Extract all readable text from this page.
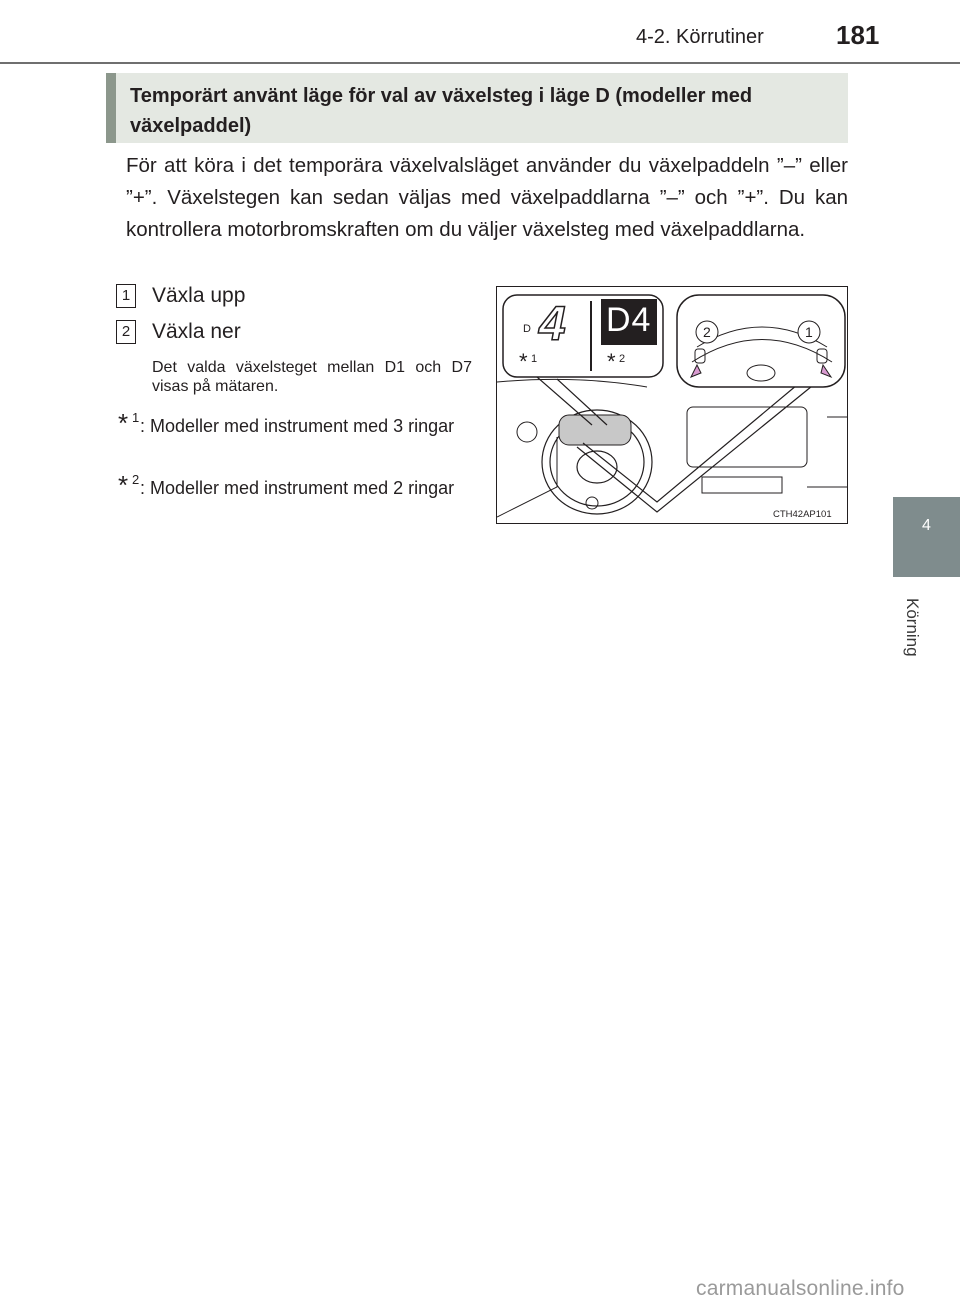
4-2. Körrutiner	181
4
Körning
Temporärt använt läge för val av växelsteg i läge D (modeller med växelpaddel)
För att köra i det temporära växelvalsläget använder du växelpaddeln ”–” eller ”+”. Växelstegen kan sedan väljas med växelpaddlarna ”–” och ”+”. Du kan kontrollera motorbromskraften om du väljer växelsteg med växelpaddlarna.
1 Växla upp
2 Växla ner
Det valda växelsteget mellan D1 och D7 visas på mätaren.
* 1 : Modeller med instrument med 3 ringar
* 2 : Modeller med instrument med 2 ringar
D 4 D4
* 1	* 2
2	1
CTH42AP101
carmanualsonline.info
